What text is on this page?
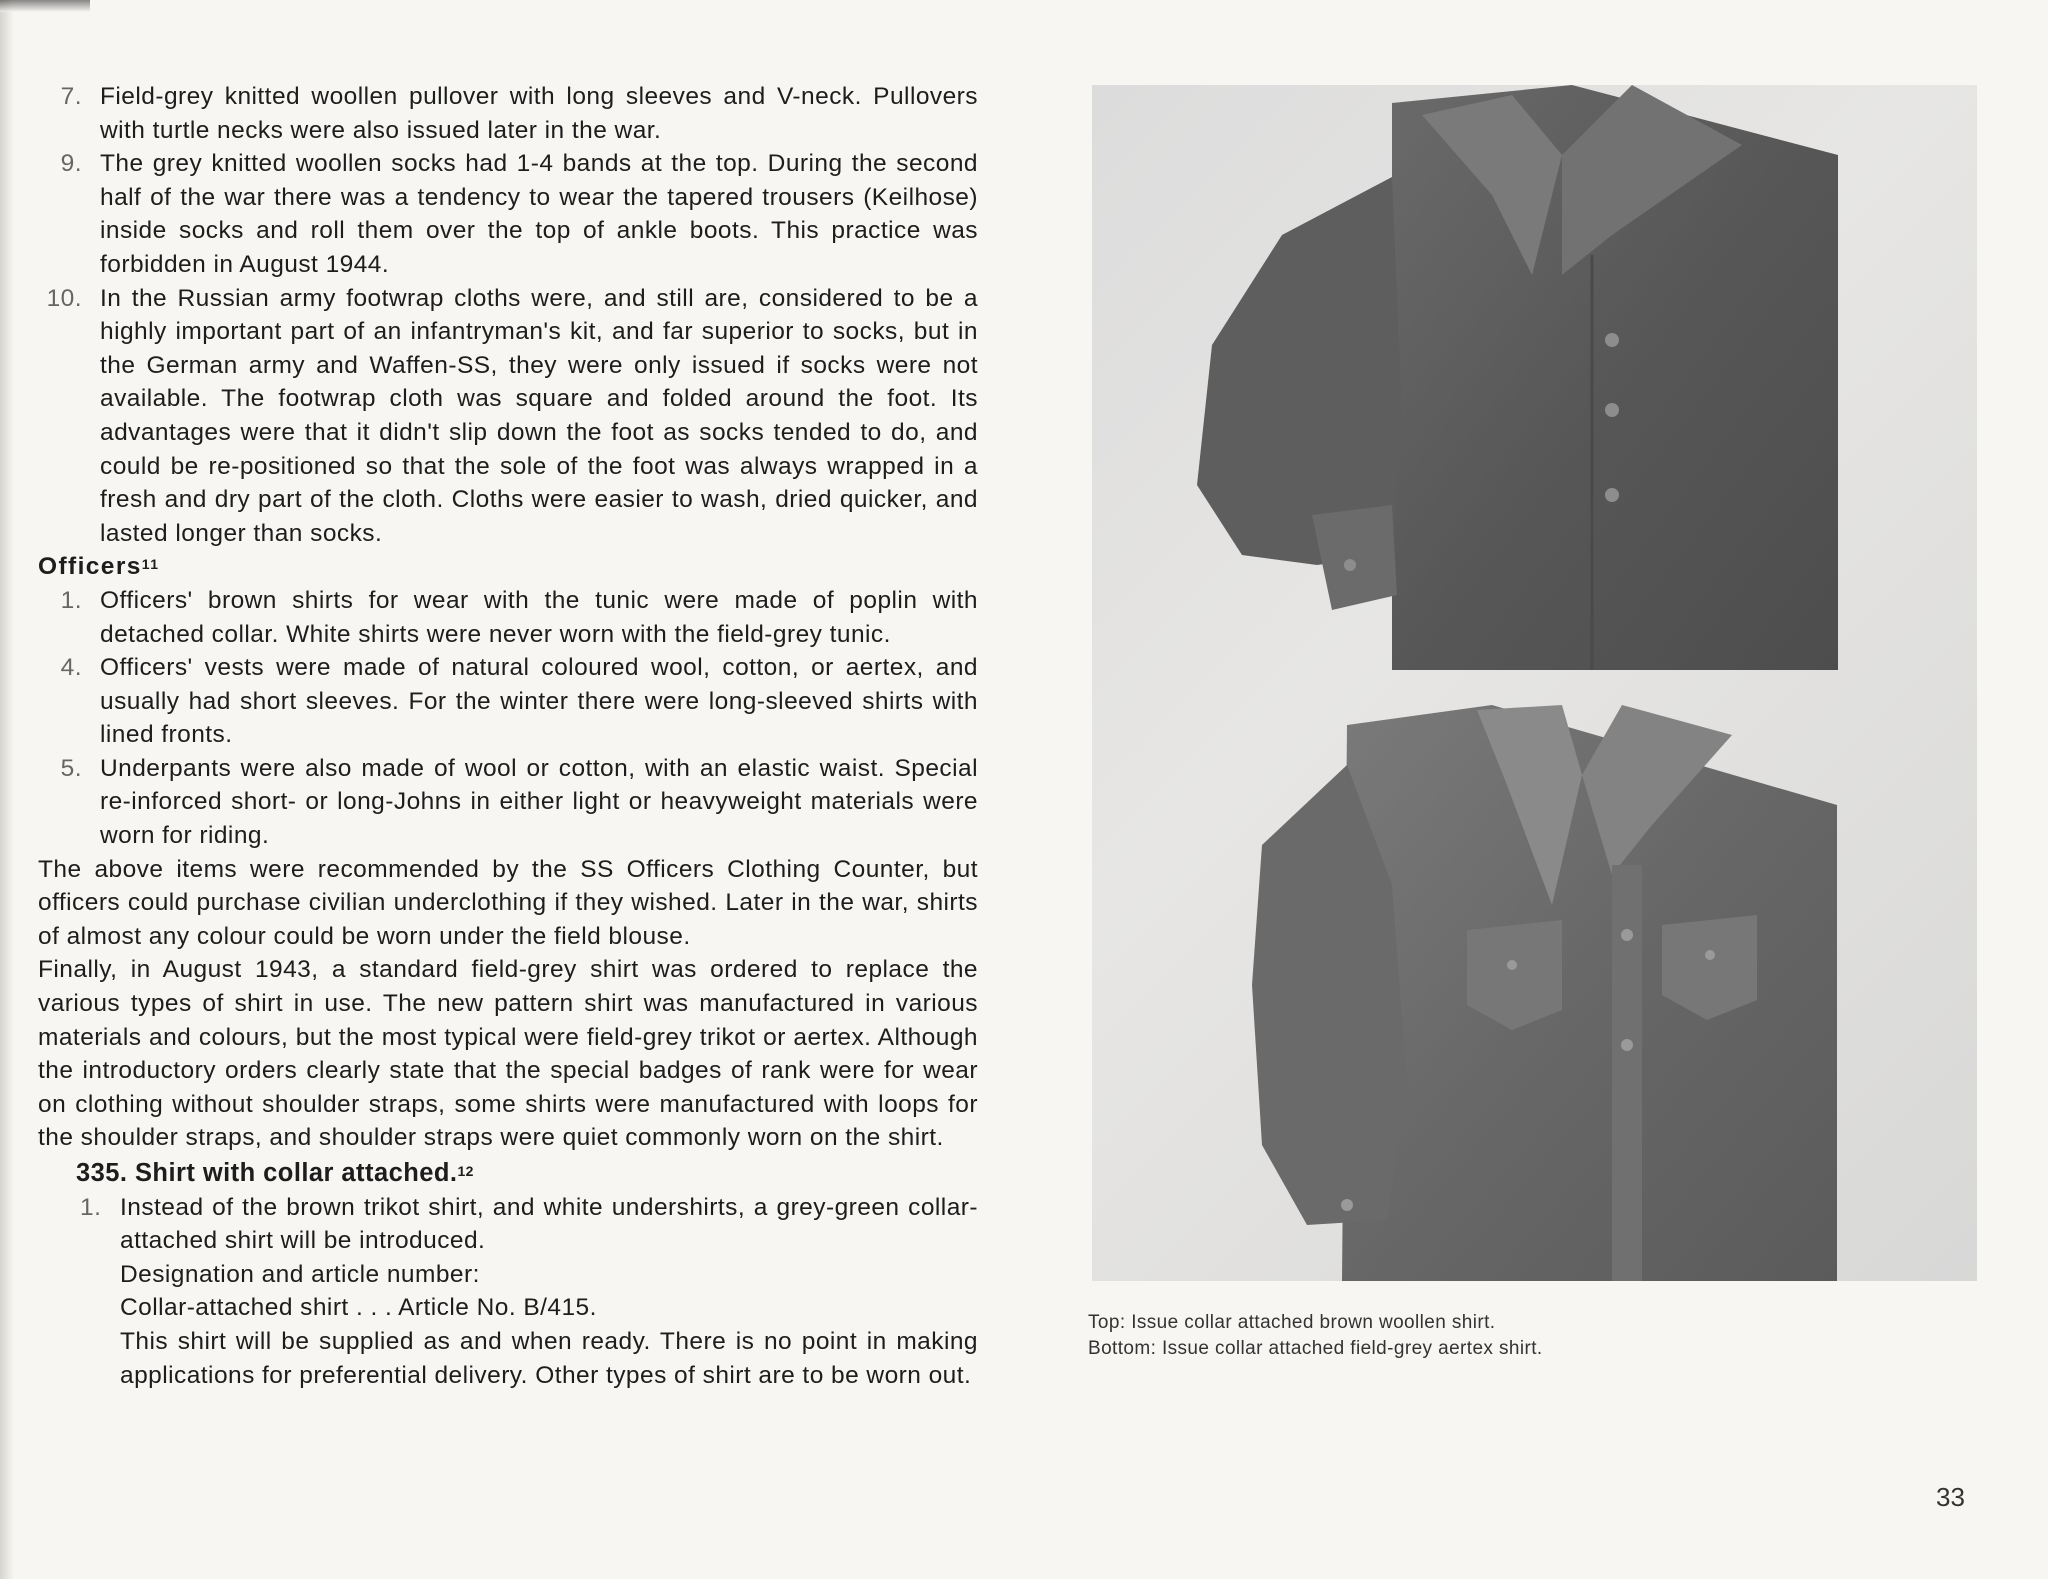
7. Field-grey knitted woollen pullover with long sleeves and V-neck. Pullovers with turtle necks were also issued later in the war.
9. The grey knitted woollen socks had 1-4 bands at the top. During the second half of the war there was a tendency to wear the tapered trousers (Keilhose) inside socks and roll them over the top of ankle boots. This practice was forbidden in August 1944.
10. In the Russian army footwrap cloths were, and still are, considered to be a highly important part of an infantryman's kit, and far superior to socks, but in the German army and Waffen-SS, they were only issued if socks were not available. The footwrap cloth was square and folded around the foot. Its advantages were that it didn't slip down the foot as socks tended to do, and could be re-positioned so that the sole of the foot was always wrapped in a fresh and dry part of the cloth. Cloths were easier to wash, dried quicker, and lasted longer than socks.
Officers$^{11}$
1. Officers' brown shirts for wear with the tunic were made of poplin with detached collar. White shirts were never worn with the field-grey tunic.
4. Officers' vests were made of natural coloured wool, cotton, or aertex, and usually had short sleeves. For the winter there were long-sleeved shirts with lined fronts.
5. Underpants were also made of wool or cotton, with an elastic waist. Special re-inforced short- or long-Johns in either light or heavyweight materials were worn for riding.
The above items were recommended by the SS Officers Clothing Counter, but officers could purchase civilian underclothing if they wished. Later in the war, shirts of almost any colour could be worn under the field blouse.
Finally, in August 1943, a standard field-grey shirt was ordered to replace the various types of shirt in use. The new pattern shirt was manufactured in various materials and colours, but the most typical were field-grey trikot or aertex. Although the introductory orders clearly state that the special badges of rank were for wear on clothing without shoulder straps, some shirts were manufactured with loops for the shoulder straps, and shoulder straps were quiet commonly worn on the shirt.
335. Shirt with collar attached.$^{12}$
1. Instead of the brown trikot shirt, and white undershirts, a grey-green collar-attached shirt will be introduced.
Designation and article number:
Collar-attached shirt . . . Article No. B/415.
This shirt will be supplied as and when ready. There is no point in making applications for preferential delivery. Other types of shirt are to be worn out.
Top: Issue collar attached brown woollen shirt.
Bottom: Issue collar attached field-grey aertex shirt.
33
